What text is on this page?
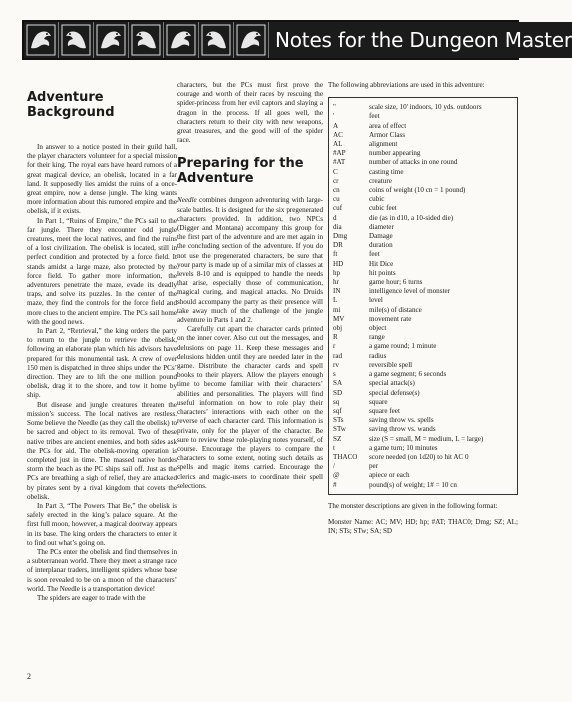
Notes for the Dungeon Master
Adventure Background

In answer to a notice posted in their guild hall, the player characters volunteer for a special mission for their king. The royal ears have heard rumors of a great magical device, an obelisk, located in a far land. It supposedly lies amidst the ruins of a once-great empire, now a dense jungle. The king wants more information about this rumored empire and the obelisk, if it exists.

In Part 1, “Ruins of Empire,” the PCs sail to the far jungle. There they encounter odd jungle creatures, meet the local natives, and find the ruins of a lost civilization. The obelisk is located, still in perfect condition and protected by a force field. It stands amidst a large maze, also protected by the force field. To gather more information, the adventurers penetrate the maze, evade its deadly traps, and solve its puzzles. In the center of the maze, they find the controls for the force field and more clues to the ancient empire. The PCs sail home with the good news.

In Part 2, “Retrieval,” the king orders the party to return to the jungle to retrieve the obelisk, following an elaborate plan which his advisors have prepared for this monumental task. A crew of over 150 men is dispatched in three ships under the PCs’ direction. They are to lift the one million pound obelisk, drag it to the shore, and tow it home by ship.

But disease and jungle creatures threaten the mission’s success. The local natives are restless. Some believe the Needle (as they call the obelisk) to be sacred and object to its removal. Two of these native tribes are ancient enemies, and both sides ask the PCs for aid. The obelisk-moving operation is completed just in time. The massed native hordes storm the beach as the PC ships sail off. Just as the PCs are breathing a sigh of relief, they are attacked by pirates sent by a rival kingdom that covets the obelisk.

In Part 3, “The Powers That Be,” the obelisk is safely erected in the king’s palace square. At the first full moon, however, a magical doorway appears in its base. The king orders the characters to enter it to find out what’s going on.

The PCs enter the obelisk and find themselves in a subterranean world. There they meet a strange race of interplanar traders, intelligent spiders whose base is soon revealed to be on a moon of the characters’ world. The Needle is a transportation device!

The spiders are eager to trade with the

characters, but the PCs must first prove the courage and worth of their races by rescuing the spider-princess from her evil captors and slaying a dragon in the process. If all goes well, the characters return to their city with new weapons, great treasures, and the good will of the spider race.

Preparing for the Adventure

Needle combines dungeon adventuring with large-scale battles. It is designed for the six pregenerated characters provided. In addition, two NPCs (Digger and Montana) accompany this group for the first part of the adventure and are met again in the concluding section of the adventure. If you do not use the pregenerated characters, be sure that your party is made up of a similar mix of classes at levels 8-10 and is equipped to handle the needs that arise, especially those of communication, magical curing, and magical attacks. No Druids should accompany the party as their presence will take away much of the challenge of the jungle adventure in Parts 1 and 2.

Carefully cut apart the character cards printed on the inner cover. Also cut out the messages, and delusions on page 11. Keep these messages and delusions hidden until they are needed later in the game. Distribute the character cards and spell books to their players. Allow the players enough time to become familiar with their characters’ abilities and personalities. The players will find useful information on how to role play their characters’ interactions with each other on the reverse of each character card. This information is private, only for the player of the character. Be sure to review these role-playing notes yourself, of course. Encourage the players to compare the characters to some extent, noting such details as spells and magic items carried. Encourage the clerics and magic-users to coordinate their spell selections.

The following abbreviations are used in this adventure:

"	scale size, 10' indoors, 10 yds. outdoors
'	feet
A	area of effect
AC	Armor Class
AL	alignment
#AP	number appearing
#AT	number of attacks in one round
C	casting time
cr	creature
cn	coins of weight (10 cn = 1 pound)
cu	cubic
cuf	cubic feet
d	die (as in d10, a 10-sided die)
dia	diameter
Dmg	Damage
DR	duration
ft	feet
HD	Hit Dice
hp	hit points
hr	game hour; 6 turns
IN	intelligence level of monster
L	level
mi	mile(s) of distance
MV	movement rate
obj	object
R	range
r	a game round; 1 minute
rad	radius
rv	reversible spell
s	a game segment; 6 seconds
SA	special attack(s)
SD	special defense(s)
sq	square
sqf	square feet
STs	saving throw vs. spells
STw	saving throw vs. wands
SZ	size (S = small, M = medium, L = large)
t	a game turn; 10 minutes
THACO	score needed (on 1d20) to hit AC 0
/	per
@	apiece or each
#	pound(s) of weight; 1# = 10 cn

The monster descriptions are given in the following format:

Monster Name: AC; MV; HD; hp; #AT; THAC0; Dmg; SZ; AL; IN; STs; STw; SA; SD

2
